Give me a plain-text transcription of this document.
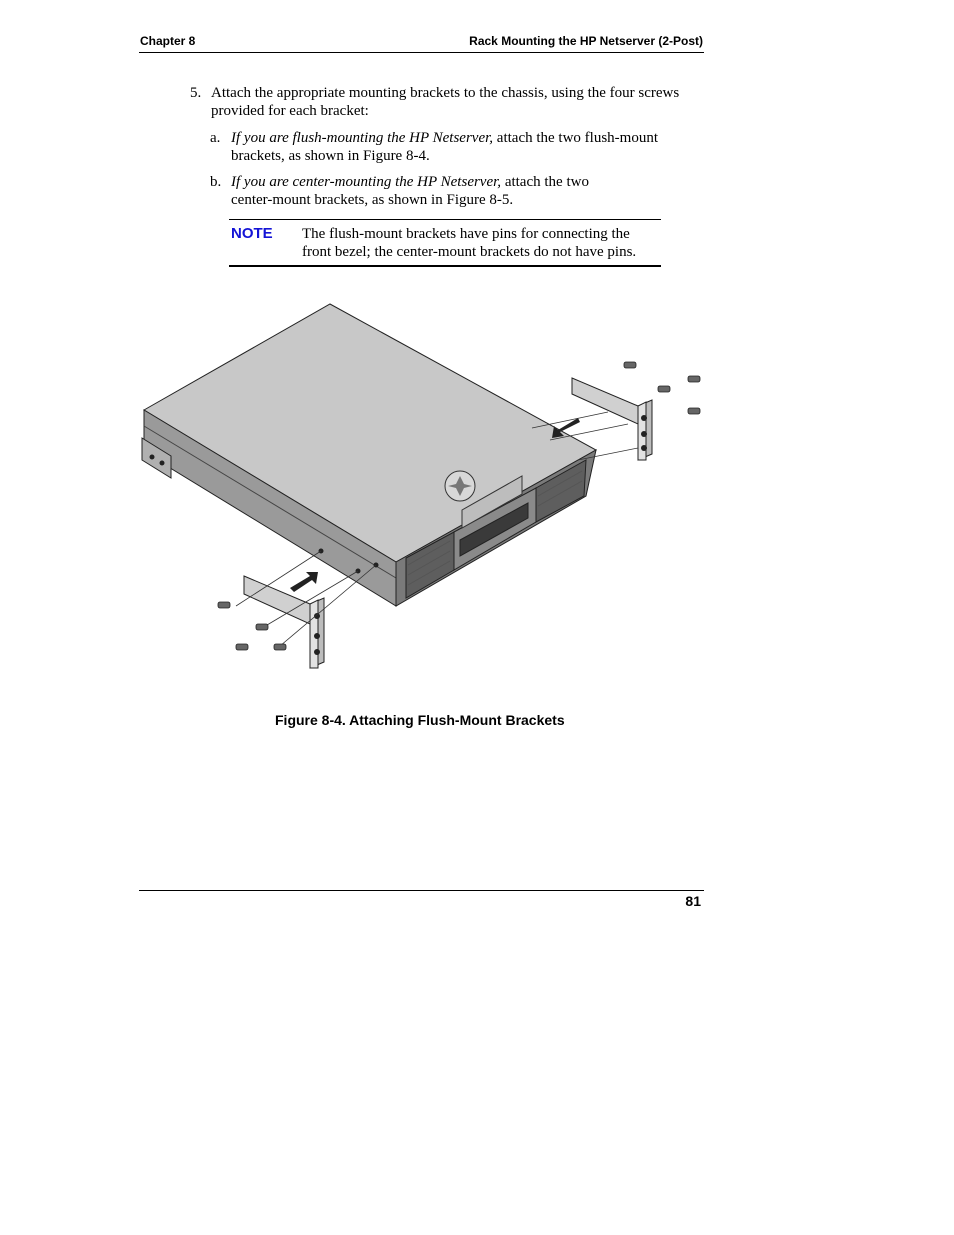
Chapter 8	Rack Mounting the HP Netserver (2-Post)
5. Attach the appropriate mounting brackets to the chassis, using the four screws provided for each bracket:
a. If you are flush-mounting the HP Netserver, attach the two flush-mount brackets, as shown in Figure 8-4.
b. If you are center-mounting the HP Netserver, attach the two center-mount brackets, as shown in Figure 8-5.
NOTE The flush-mount brackets have pins for connecting the front bezel; the center-mount brackets do not have pins.
Figure 8-4. Attaching Flush-Mount Brackets
81
